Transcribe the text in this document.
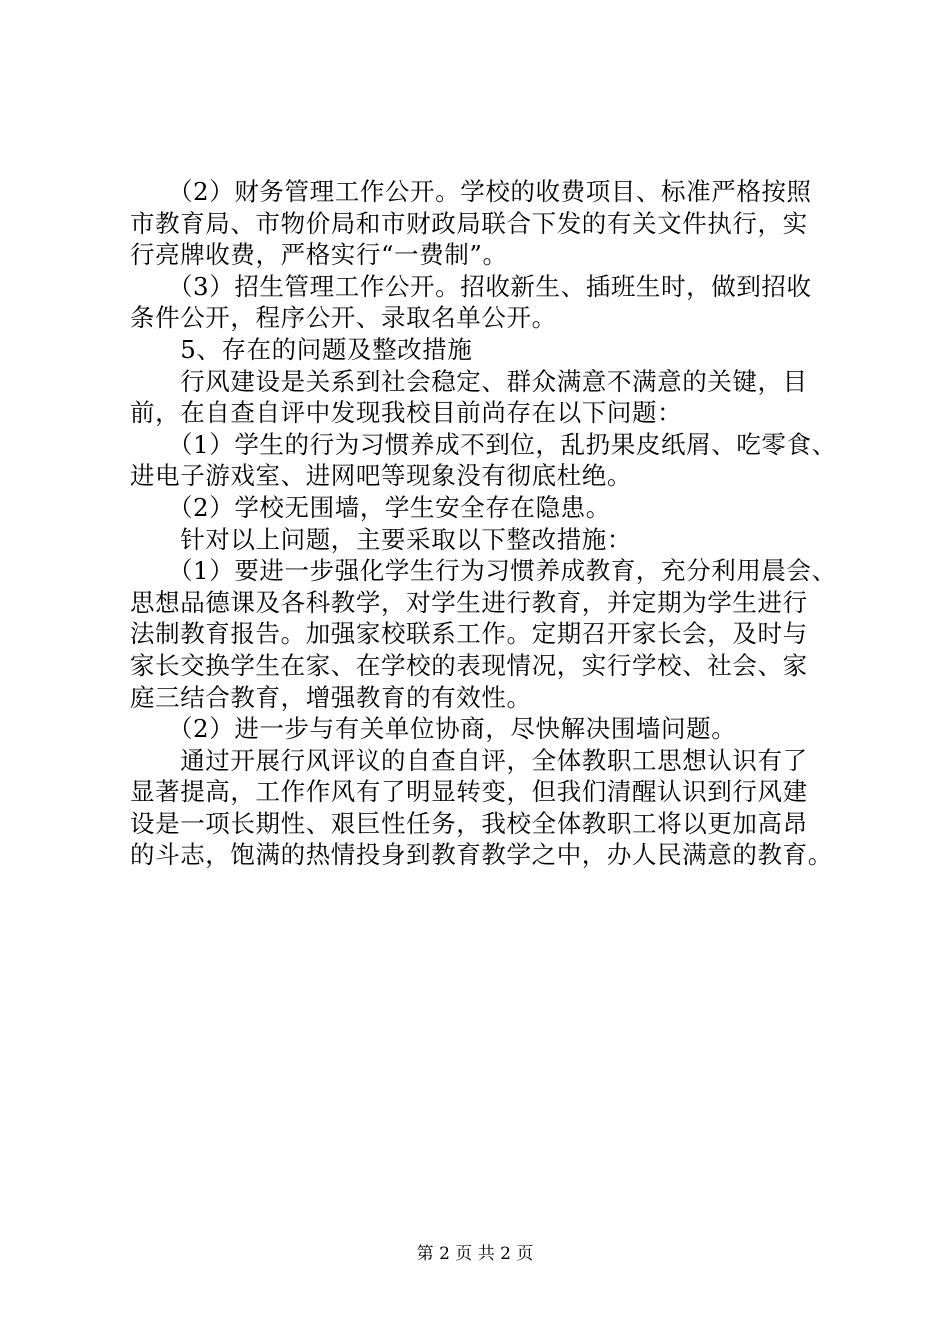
　　（2）财务管理工作公开。学校的收费项目、标准严格按照
市教育局、市物价局和市财政局联合下发的有关文件执行，实
行亮牌收费，严格实行“一费制”。
　　（3）招生管理工作公开。招收新生、插班生时，做到招收
条件公开，程序公开、录取名单公开。
　　5、存在的问题及整改措施
　　行风建设是关系到社会稳定、群众满意不满意的关键，目
前，在自查自评中发现我校目前尚存在以下问题：
　　（1）学生的行为习惯养成不到位，乱扔果皮纸屑、吃零食、
进电子游戏室、进网吧等现象没有彻底杜绝。
　　（2）学校无围墙，学生安全存在隐患。
　　针对以上问题，主要采取以下整改措施：
　　（1）要进一步强化学生行为习惯养成教育，充分利用晨会、
思想品德课及各科教学，对学生进行教育，并定期为学生进行
法制教育报告。加强家校联系工作。定期召开家长会，及时与
家长交换学生在家、在学校的表现情况，实行学校、社会、家
庭三结合教育，增强教育的有效性。
　　（2）进一步与有关单位协商，尽快解决围墙问题。
　　通过开展行风评议的自查自评，全体教职工思想认识有了
显著提高，工作作风有了明显转变，但我们清醒认识到行风建
设是一项长期性、艰巨性任务，我校全体教职工将以更加高昂
的斗志，饱满的热情投身到教育教学之中，办人民满意的教育。
第 2 页 共 2 页
